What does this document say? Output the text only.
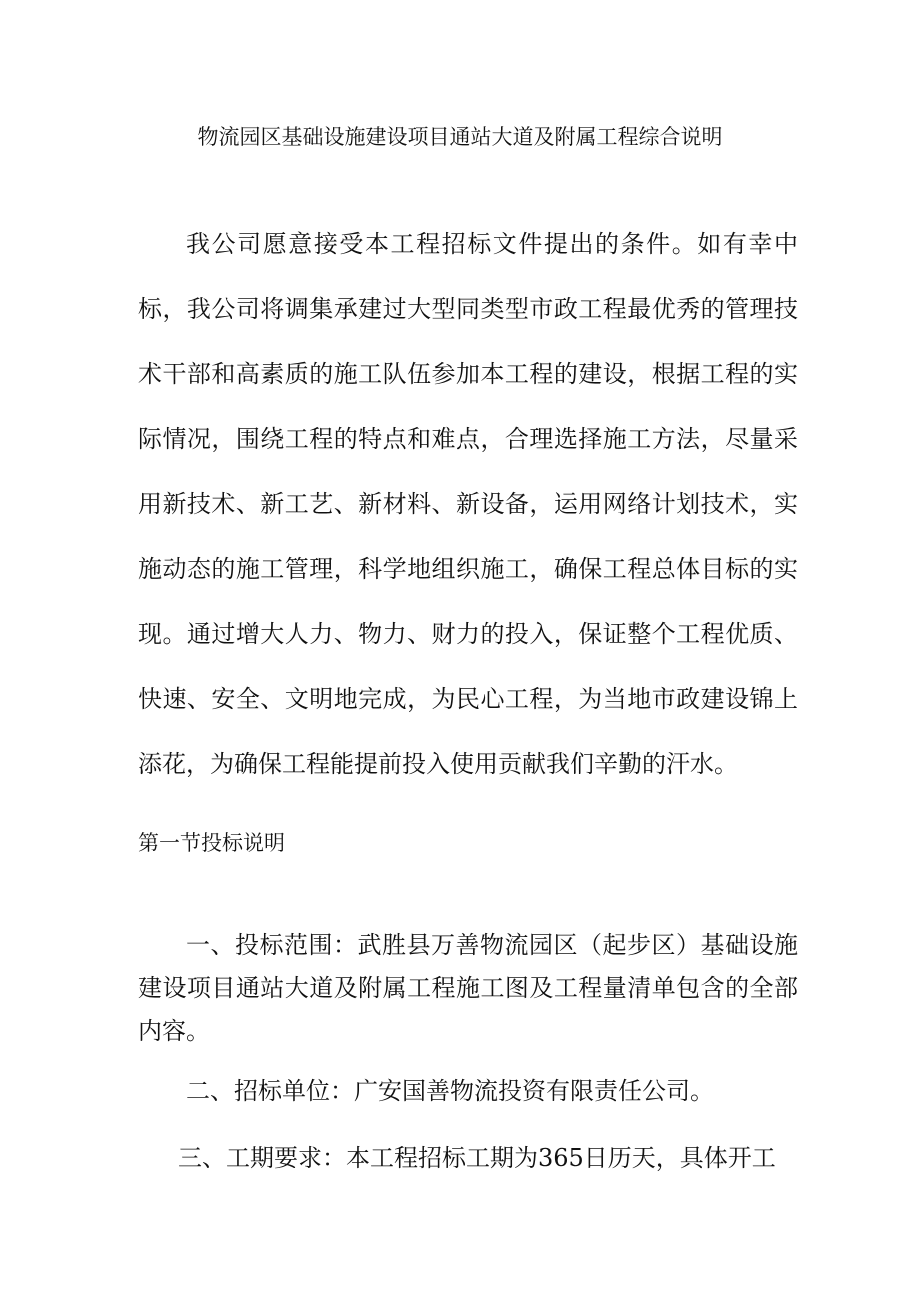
物流园区基础设施建设项目通站大道及附属工程综合说明

我公司愿意接受本工程招标文件提出的条件。如有幸中标，我公司将调集承建过大型同类型市政工程最优秀的管理技术干部和高素质的施工队伍参加本工程的建设，根据工程的实际情况，围绕工程的特点和难点，合理选择施工方法，尽量采用新技术、新工艺、新材料、新设备，运用网络计划技术，实施动态的施工管理，科学地组织施工，确保工程总体目标的实现。通过增大人力、物力、财力的投入，保证整个工程优质、快速、安全、文明地完成，为民心工程，为当地市政建设锦上添花，为确保工程能提前投入使用贡献我们辛勤的汗水。

第一节投标说明

一、投标范围：武胜县万善物流园区（起步区）基础设施建设项目通站大道及附属工程施工图及工程量清单包含的全部内容。

二、招标单位：广安国善物流投资有限责任公司。

三、工期要求：本工程招标工期为365日历天，具体开工
